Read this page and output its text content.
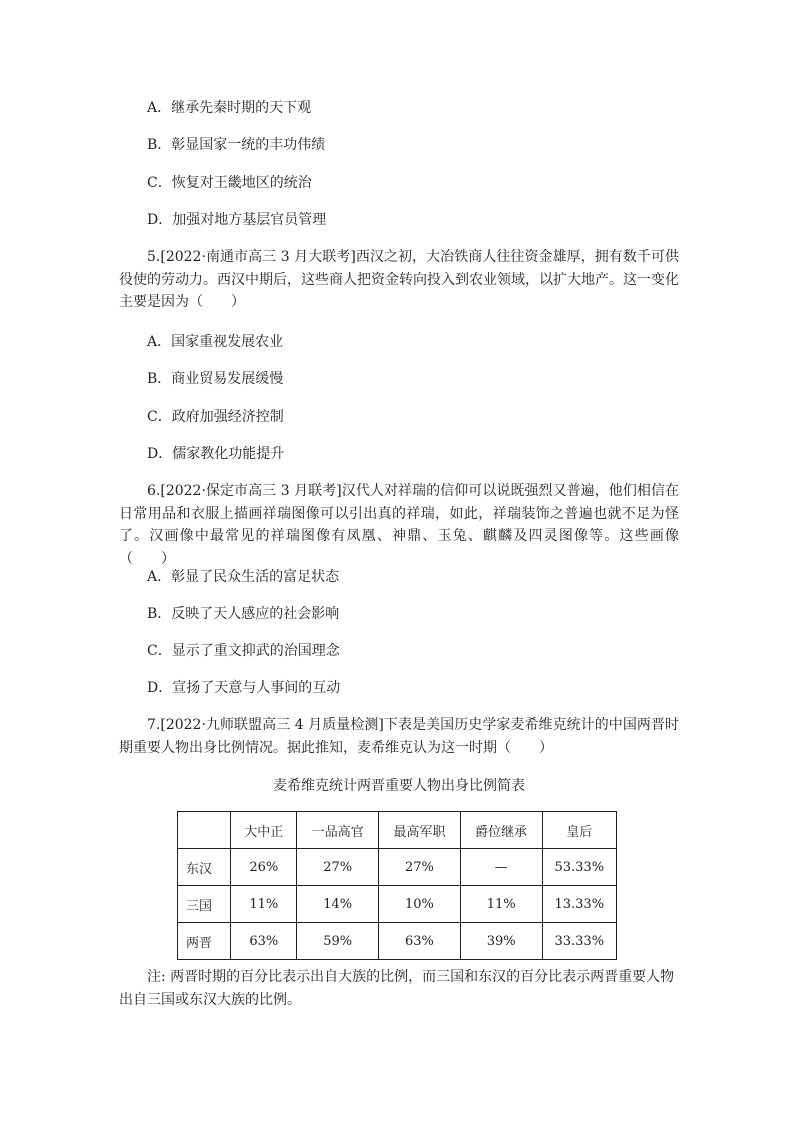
A．继承先秦时期的天下观
B．彰显国家一统的丰功伟绩
C．恢复对王畿地区的统治
D．加强对地方基层官员管理
5.[2022·南通市高三 3 月大联考]西汉之初，大冶铁商人往往资金雄厚，拥有数千可供役使的劳动力。西汉中期后，这些商人把资金转向投入到农业领域，以扩大地产。这一变化主要是因为（　　）
A．国家重视发展农业
B．商业贸易发展缓慢
C．政府加强经济控制
D．儒家教化功能提升
6.[2022·保定市高三 3 月联考]汉代人对祥瑞的信仰可以说既强烈又普遍，他们相信在日常用品和衣服上描画祥瑞图像可以引出真的祥瑞，如此，祥瑞装饰之普遍也就不足为怪了。汉画像中最常见的祥瑞图像有凤凰、神鼎、玉兔、麒麟及四灵图像等。这些画像（　　）
A．彰显了民众生活的富足状态
B．反映了天人感应的社会影响
C．显示了重文抑武的治国理念
D．宣扬了天意与人事间的互动
7.[2022·九师联盟高三 4 月质量检测]下表是美国历史学家麦希维克统计的中国两晋时期重要人物出身比例情况。据此推知，麦希维克认为这一时期（　　）
麦希维克统计两晋重要人物出身比例简表
	大中正	一品高官	最高军职	爵位继承	皇后
东汉	26%	27%	27%	—	53.33%
三国	11%	14%	10%	11%	13.33%
两晋	63%	59%	63%	39%	33.33%
注: 两晋时期的百分比表示出自大族的比例，而三国和东汉的百分比表示两晋重要人物出自三国或东汉大族的比例。
